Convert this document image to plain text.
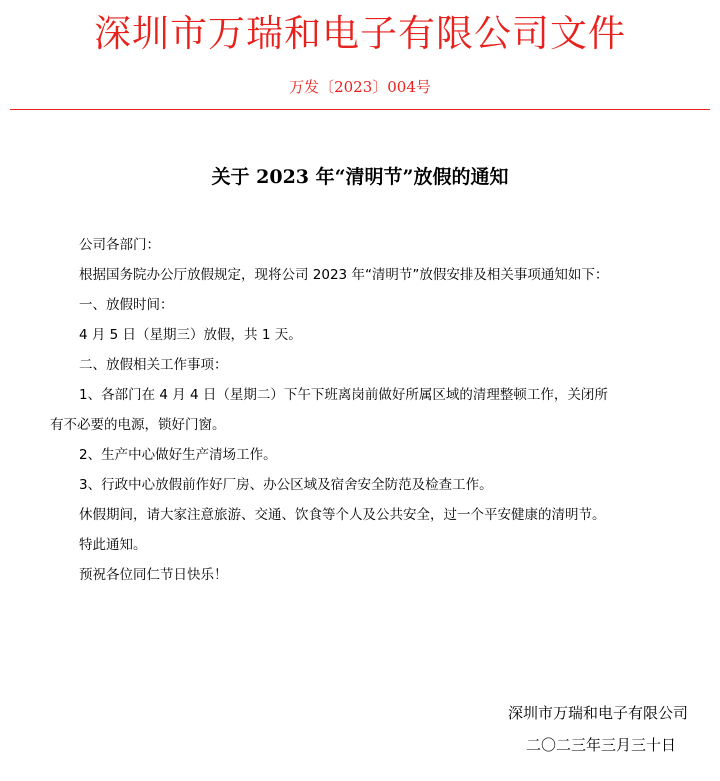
深圳市万瑞和电子有限公司文件
万发〔2023〕004号
关于 2023 年“清明节”放假的通知
公司各部门：
根据国务院办公厅放假规定，现将公司 2023 年“清明节”放假安排及相关事项通知如下：
一、放假时间：
4 月 5 日（星期三）放假，共 1 天。
二、放假相关工作事项：
1、各部门在 4 月 4 日（星期二）下午下班离岗前做好所属区域的清理整顿工作，关闭所
有不必要的电源，锁好门窗。
2、生产中心做好生产清场工作。
3、行政中心放假前作好厂房、办公区域及宿舍安全防范及检查工作。
休假期间，请大家注意旅游、交通、饮食等个人及公共安全，过一个平安健康的清明节。
特此通知。
预祝各位同仁节日快乐！
深圳市万瑞和电子有限公司
二〇二三年三月三十日
